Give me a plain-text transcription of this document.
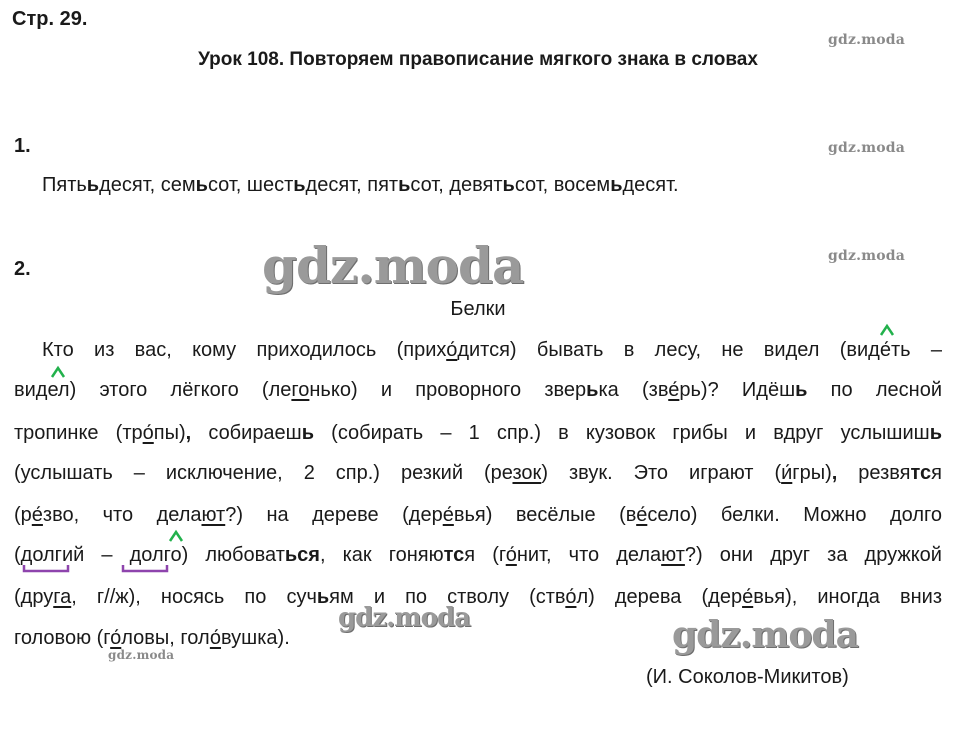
Стр. 29.
Урок 108. Повторяем правописание мягкого знака в словах
gdz.moda
gdz.moda
gdz.moda
gdz.moda
gdz.moda
gdz.moda	gdz.moda
1.
Пятььдесят, семьсот, шестьдесят, пятьсот, девятьсот, восемьдесят.
2.
Белки
Кто из вас, кому приходилось (прихо́дится) бывать в лесу, не видел (виде́ть –
видел) этого лёгкого (легонько) и проворного зверька (зве́рь)? Идёшь по лесной
тропинке (тро́пы), собираешь (собирать – 1 спр.) в кузовок грибы и вдруг услышишь
(услышать – исключение, 2 спр.) резкий (резок) звук. Это играют (и́гры), резвятся
(ре́зво, что делают?) на дереве (дере́вья) весёлые (ве́село) белки. Можно долго
(долгий – долго) любоваться, как гоняются (го́нит, что делают?) они друг за дружкой
(друга, г//ж), носясь по сучьям и по стволу (ство́л) дерева (дере́вья), иногда вниз
головою (го́ловы, голо́вушка).
(И. Соколов-Микитов)
